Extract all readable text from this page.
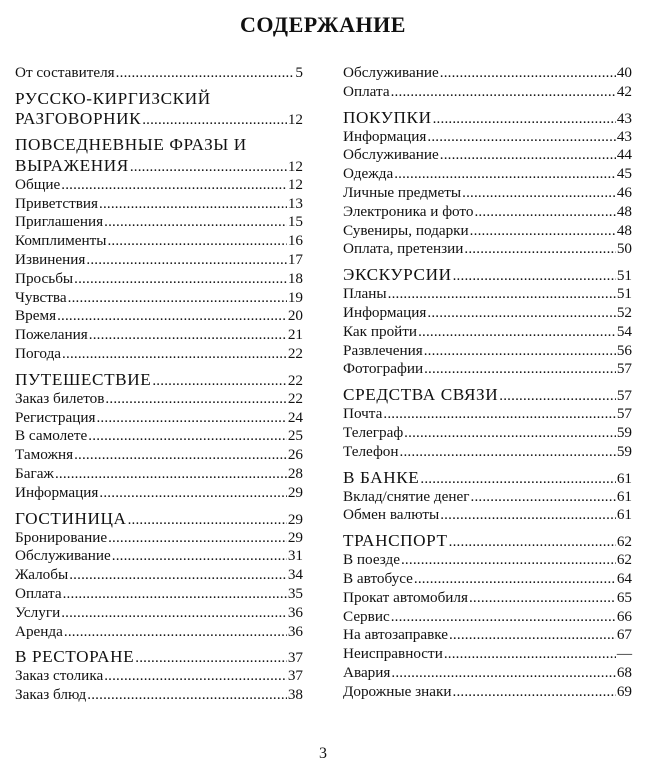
СОДЕРЖАНИЕ
От составителя .....	5
РУССКО-КИРГИЗСКИЙ
РАЗГОВОРНИК .....	12
ПОВСЕДНЕВНЫЕ ФРАЗЫ И
ВЫРАЖЕНИЯ .....	12
Общие .....	12
Приветствия .....	13
Приглашения .....	15
Комплименты .....	16
Извинения .....	17
Просьбы .....	18
Чувства .....	19
Время .....	20
Пожелания .....	21
Погода .....	22
ПУТЕШЕСТВИЕ .....	22
Заказ билетов .....	22
Регистрация .....	24
В самолете .....	25
Таможня .....	26
Багаж .....	28
Информация .....	29
ГОСТИНИЦА .....	29
Бронирование .....	29
Обслуживание .....	31
Жалобы .....	34
Оплата .....	35
Услуги .....	36
Аренда .....	36
В РЕСТОРАНЕ .....	37
Заказ столика .....	37
Заказ блюд .....	38
Обслуживание .....	40
Оплата .....	42
ПОКУПКИ .....	43
Информация .....	43
Обслуживание .....	44
Одежда .....	45
Личные предметы .....	46
Электроника и фото .....	48
Сувениры, подарки .....	48
Оплата, претензии .....	50
ЭКСКУРСИИ .....	51
Планы .....	51
Информация .....	52
Как пройти .....	54
Развлечения .....	56
Фотографии .....	57
СРЕДСТВА СВЯЗИ .....	57
Почта .....	57
Телеграф .....	59
Телефон .....	59
В БАНКЕ .....	61
Вклад/снятие денег .....	61
Обмен валюты .....	61
ТРАНСПОРТ .....	62
В поезде .....	62
В автобусе .....	64
Прокат автомобиля .....	65
Сервис .....	66
На автозаправке .....	67
Неисправности .....	—
Авария .....	68
Дорожные знаки .....	69
3
